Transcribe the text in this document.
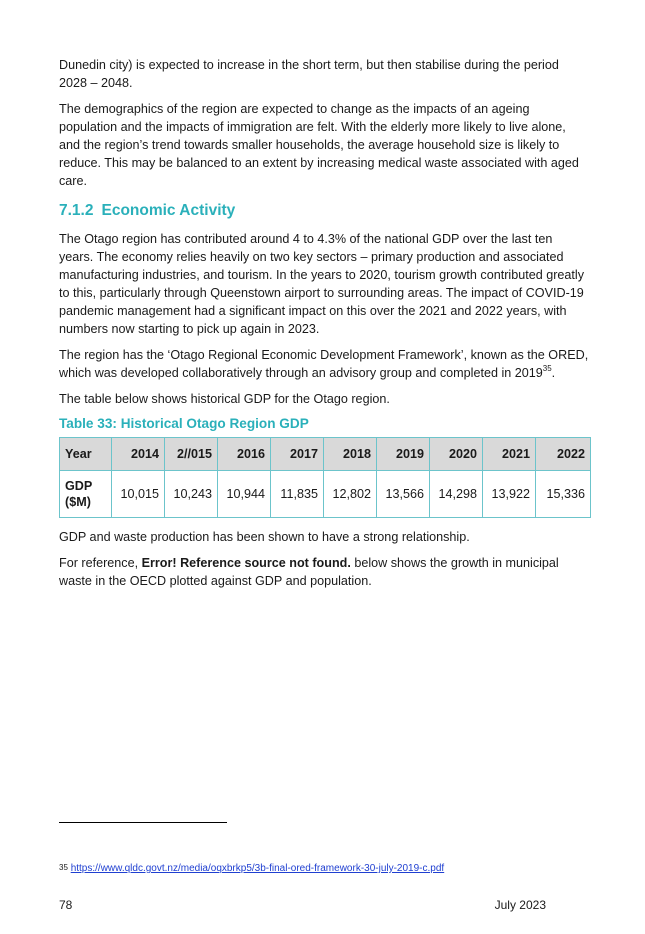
Dunedin city) is expected to increase in the short term, but then stabilise during the period 2028 – 2048.

The demographics of the region are expected to change as the impacts of an ageing population and the impacts of immigration are felt. With the elderly more likely to live alone, and the region’s trend towards smaller households, the average household size is likely to reduce. This may be balanced to an extent by increasing medical waste associated with aged care.

7.1.2 Economic Activity

The Otago region has contributed around 4 to 4.3% of the national GDP over the last ten years. The economy relies heavily on two key sectors – primary production and associated manufacturing industries, and tourism. In the years to 2020, tourism growth contributed greatly to this, particularly through Queenstown airport to surrounding areas. The impact of COVID-19 pandemic management had a significant impact on this over the 2021 and 2022 years, with numbers now starting to pick up again in 2023.

The region has the ‘Otago Regional Economic Development Framework’, known as the ORED, which was developed collaboratively through an advisory group and completed in 2019$^{35}$.

The table below shows historical GDP for the Otago region.

Table 33: Historical Otago Region GDP
Year	2014	2//015	2016	2017	2018	2019	2020	2021	2022
GDP
($M)	10,015	10,243	10,944	11,835	12,802	13,566	14,298	13,922	15,336

GDP and waste production has been shown to have a strong relationship.

For reference, Error! Reference source not found. below shows the growth in municipal waste in the OECD plotted against GDP and population.

$^{35}$ https://www.qldc.govt.nz/media/oqxbrkp5/3b-final-ored-framework-30-july-2019-c.pdf
78	July 2023
